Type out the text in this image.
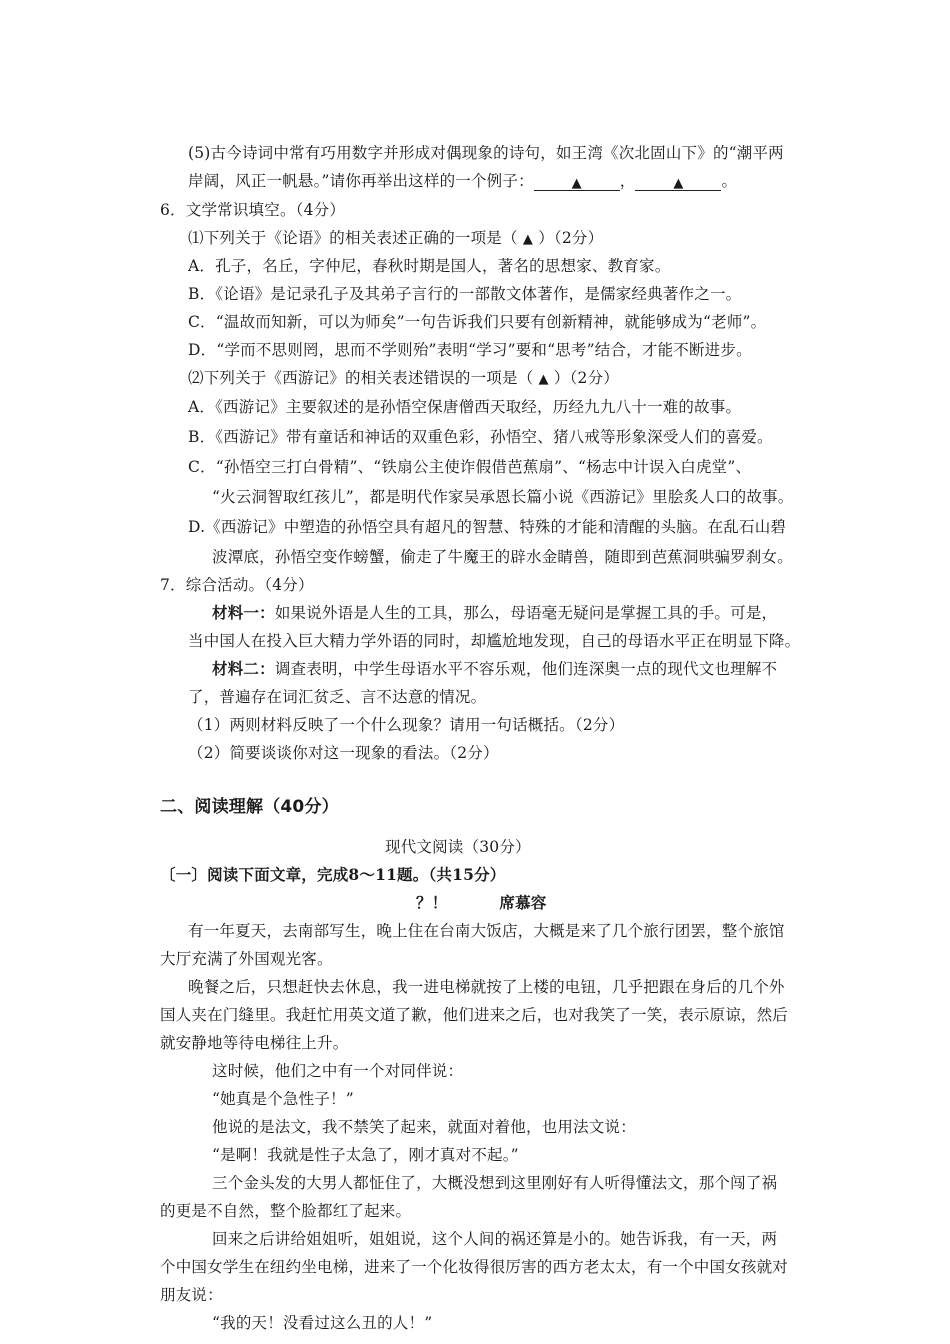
(5)古今诗词中常有巧用数字并形成对偶现象的诗句，如王湾《次北固山下》的“潮平两
岸阔，风正一帆悬。”请你再举出这样的一个例子：	▲ ，	▲ 。
6．文学常识填空。（4分）
⑴下列关于《论语》的相关表述正确的一项是（ ▲ ）（2分）
A．孔子，名丘，字仲尼，春秋时期是国人，著名的思想家、教育家。
B．《论语》是记录孔子及其弟子言行的一部散文体著作，是儒家经典著作之一。
C．“温故而知新，可以为师矣”一句告诉我们只要有创新精神，就能够成为“老师”。
D．“学而不思则罔，思而不学则殆”表明“学习”要和“思考”结合，才能不断进步。
⑵下列关于《西游记》的相关表述错误的一项是（ ▲ ）（2分）
A．《西游记》主要叙述的是孙悟空保唐僧西天取经，历经九九八十一难的故事。
B．《西游记》带有童话和神话的双重色彩，孙悟空、猪八戒等形象深受人们的喜爱。
C．“孙悟空三打白骨精”、“铁扇公主使诈假借芭蕉扇”、“杨志中计误入白虎堂”、
“火云洞智取红孩儿”，都是明代作家吴承恩长篇小说《西游记》里脍炙人口的故事。
D.《西游记》中塑造的孙悟空具有超凡的智慧、特殊的才能和清醒的头脑。在乱石山碧
波潭底，孙悟空变作螃蟹，偷走了牛魔王的辟水金睛兽，随即到芭蕉洞哄骗罗刹女。
7．综合活动。（4分）
材料一：如果说外语是人生的工具，那么，母语毫无疑问是掌握工具的手。可是，
当中国人在投入巨大精力学外语的同时，却尴尬地发现，自己的母语水平正在明显下降。
材料二：调查表明，中学生母语水平不容乐观，他们连深奥一点的现代文也理解不
了，普遍存在词汇贫乏、言不达意的情况。
（1）两则材料反映了一个什么现象？请用一句话概括。（2分）
（2）简要谈谈你对这一现象的看法。（2分）
二、阅读理解（40分）
现代文阅读（30分）
〔一〕阅读下面文章，完成8～11题。（共15分）
？！	席慕容
有一年夏天，去南部写生，晚上住在台南大饭店，大概是来了几个旅行团罢，整个旅馆
大厅充满了外国观光客。
晚餐之后，只想赶快去休息，我一进电梯就按了上楼的电钮，几乎把跟在身后的几个外
国人夹在门缝里。我赶忙用英文道了歉，他们进来之后，也对我笑了一笑，表示原谅，然后
就安静地等待电梯往上升。
这时候，他们之中有一个对同伴说：
“她真是个急性子！”
他说的是法文，我不禁笑了起来，就面对着他，也用法文说：
“是啊！我就是性子太急了，刚才真对不起。”
三个金头发的大男人都怔住了，大概没想到这里刚好有人听得懂法文，那个闯了祸
的更是不自然，整个脸都红了起来。
回来之后讲给姐姐听，姐姐说，这个人间的祸还算是小的。她告诉我，有一天，两
个中国女学生在纽约坐电梯，进来了一个化妆得很厉害的西方老太太，有一个中国女孩就对
朋友说：
“我的天！没看过这么丑的人！”
